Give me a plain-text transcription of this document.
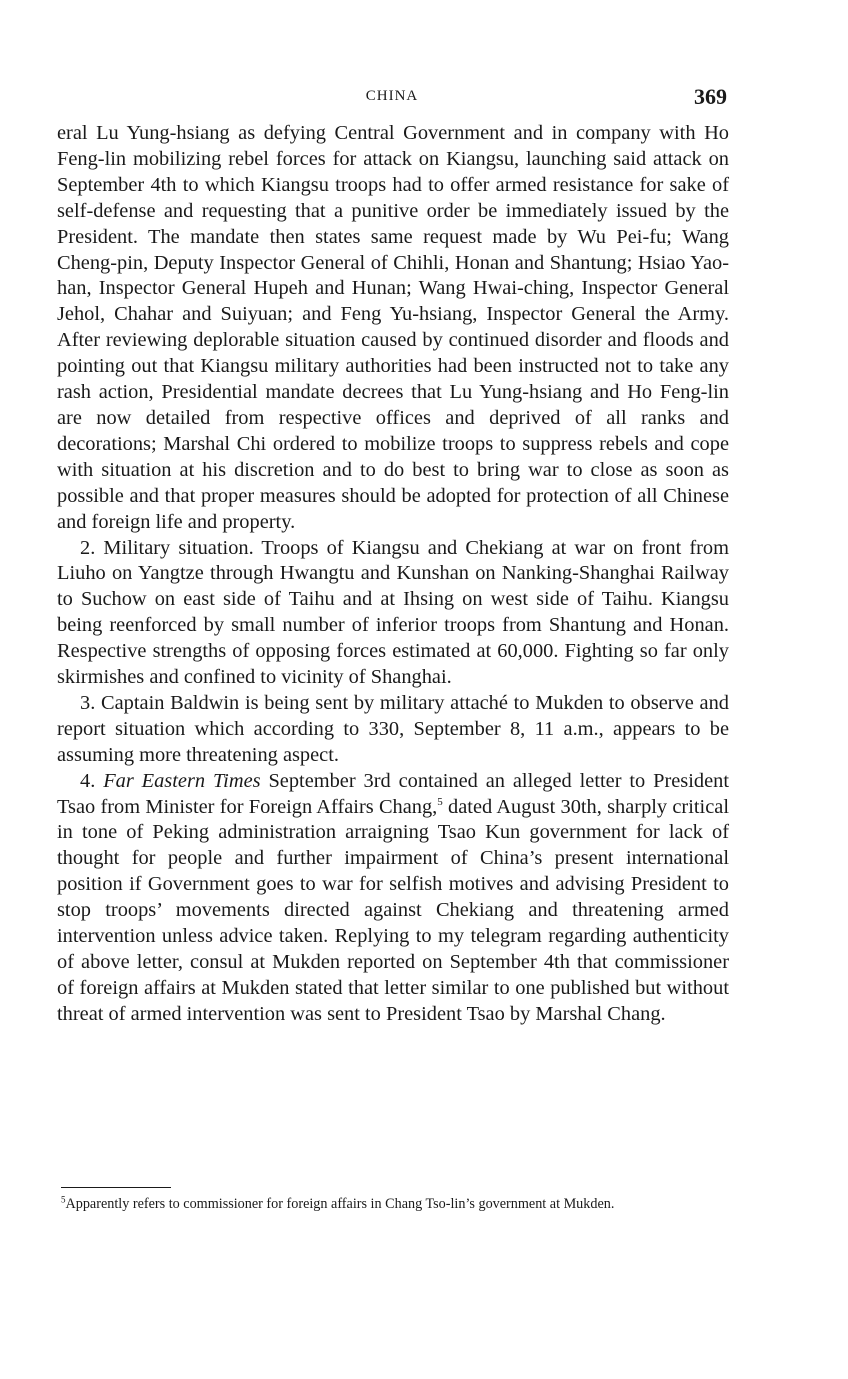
CHINA	369

eral Lu Yung-hsiang as defying Central Government and in company with Ho Feng-lin mobilizing rebel forces for attack on Kiangsu, launching said attack on September 4th to which Kiangsu troops had to offer armed resistance for sake of self-defense and requesting that a punitive order be immediately issued by the President. The mandate then states same request made by Wu Pei-fu; Wang Cheng-pin, Deputy Inspector General of Chihli, Honan and Shantung; Hsiao Yao-han, Inspector General Hupeh and Hunan; Wang Hwai-ching, Inspector General Jehol, Chahar and Suiyuan; and Feng Yu-hsiang, Inspector General the Army. After reviewing deplorable situation caused by continued disorder and floods and pointing out that Kiangsu military authorities had been instructed not to take any rash action, Presidential mandate decrees that Lu Yung-hsiang and Ho Feng-lin are now detailed from respective offices and deprived of all ranks and decorations; Marshal Chi ordered to mobilize troops to suppress rebels and cope with situation at his discretion and to do best to bring war to close as soon as possible and that proper measures should be adopted for protection of all Chinese and foreign life and property.

2. Military situation. Troops of Kiangsu and Chekiang at war on front from Liuho on Yangtze through Hwangtu and Kunshan on Nanking-Shanghai Railway to Suchow on east side of Taihu and at Ihsing on west side of Taihu. Kiangsu being reenforced by small number of inferior troops from Shantung and Honan. Respective strengths of opposing forces estimated at 60,000. Fighting so far only skirmishes and confined to vicinity of Shanghai.

3. Captain Baldwin is being sent by military attaché to Mukden to observe and report situation which according to 330, September 8, 11 a.m., appears to be assuming more threatening aspect.

4. Far Eastern Times September 3rd contained an alleged letter to President Tsao from Minister for Foreign Affairs Chang,$^5$ dated August 30th, sharply critical in tone of Peking administration arraigning Tsao Kun government for lack of thought for people and further impairment of China’s present international position if Government goes to war for selfish motives and advising President to stop troops’ movements directed against Chekiang and threatening armed intervention unless advice taken. Replying to my telegram regarding authenticity of above letter, consul at Mukden reported on September 4th that commissioner of foreign affairs at Mukden stated that letter similar to one published but without threat of armed intervention was sent to President Tsao by Marshal Chang.

$^5$Apparently refers to commissioner for foreign affairs in Chang Tso-lin’s government at Mukden.
